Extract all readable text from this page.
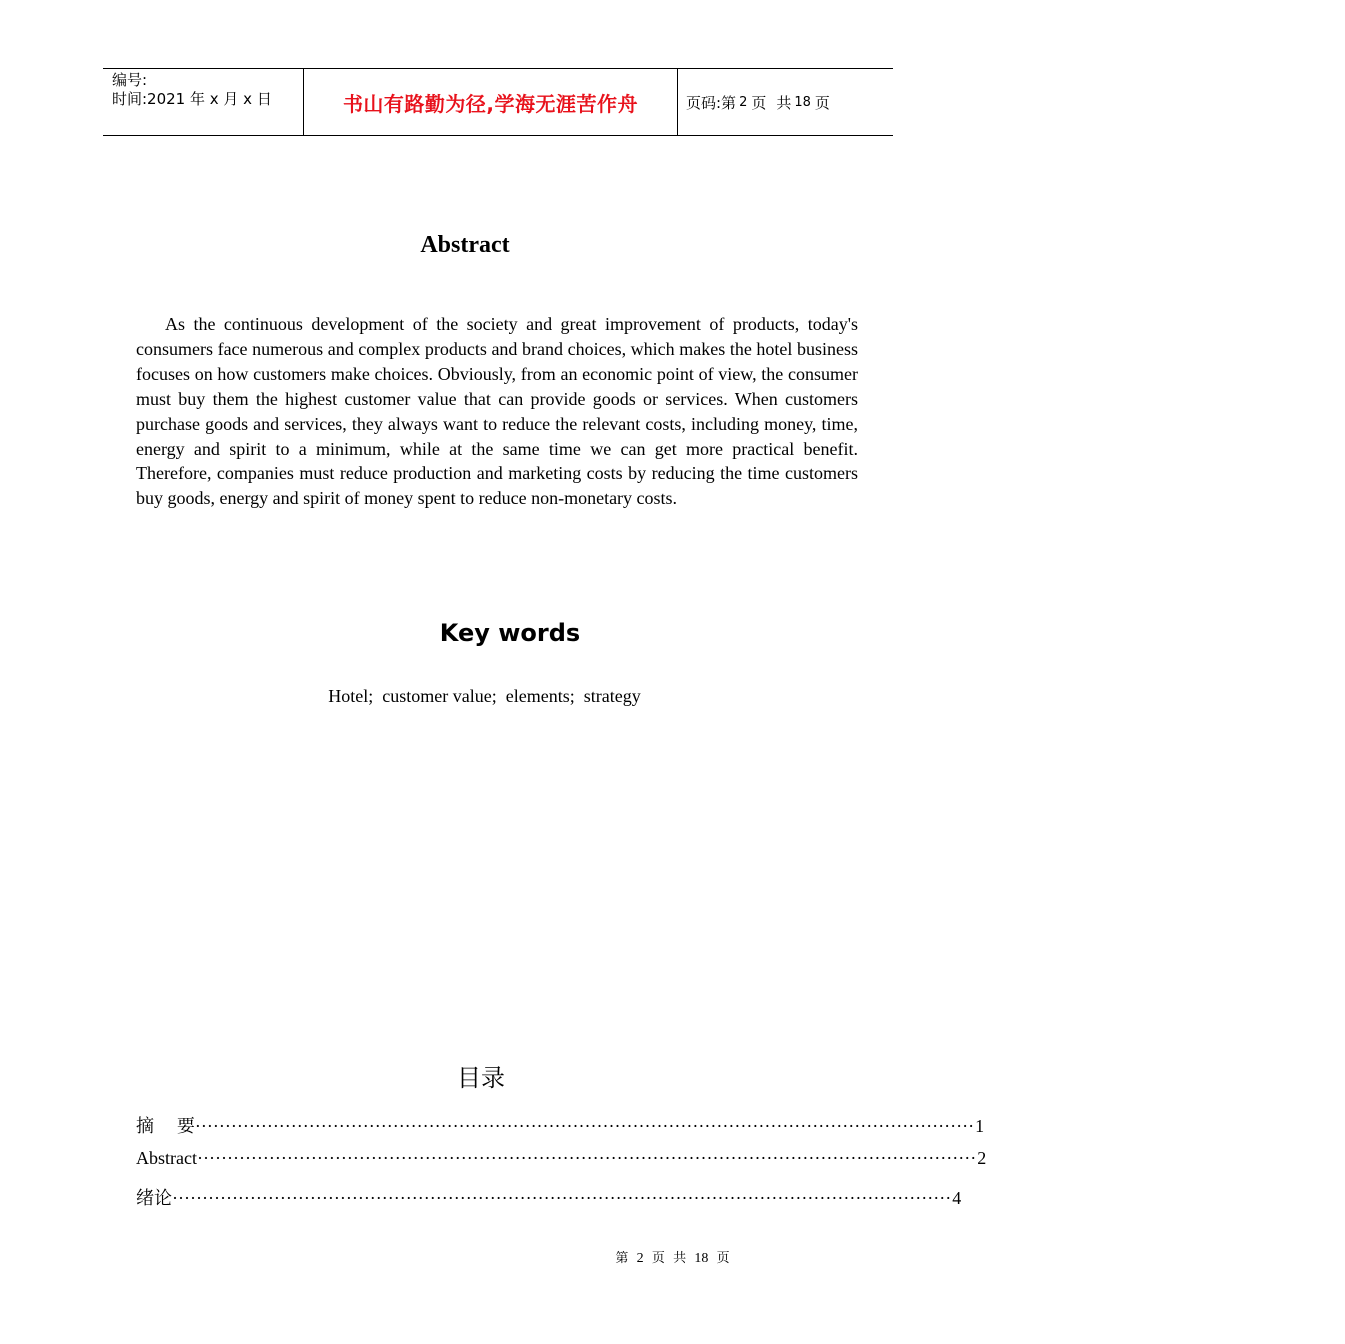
编号:
时间:2021 年 x 月 x 日	书山有路勤为径,学海无涯苦作舟	页码:第 2 页 共 18 页
Abstract

As the continuous development of the society and great improvement of products, today's consumers face numerous and complex products and brand choices, which makes the hotel business focuses on how customers make choices. Obviously, from an economic point of view, the consumer must buy them the highest customer value that can provide goods or services. When customers purchase goods and services, they always want to reduce the relevant costs, including money, time, energy and spirit to a minimum, while at the same time we can get more practical benefit. Therefore, companies must reduce production and marketing costs by reducing the time customers buy goods, energy and spirit of money spent to reduce non-monetary costs.

Key words
Hotel;  customer value;  elements;  strategy
目录
摘    要 ·································································································································· 1
Abstract ·································································································································· 2
绪论 ·································································································································· 4
第 2 页  共 18 页
